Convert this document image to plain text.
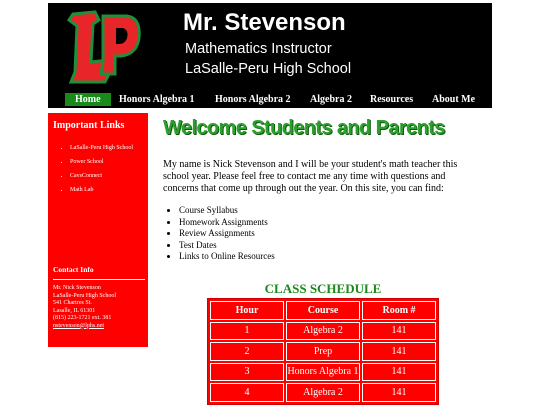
Mr. Stevenson
Mathematics Instructor
LaSalle-Peru High School
Home	Honors Algebra 1 Honors Algebra 2 Algebra 2 Resources About Me
Important Links
• LaSalle-Peru High School
• Power School
• CavsConnect
• Math Lab
Contact Info
Mr. Nick Stevenson
LaSalle-Peru High School
541 Chartres St.
Lasalle, IL 61301
(815) 223-1721 ext. 381
nstevenson@lphs.net
Welcome Students and Parents
My name is Nick Stevenson and I will be your student's math teacher this school year. Please feel free to contact me any time with questions and concerns that come up through out the year. On this site, you can find:
• Course Syllabus
• Homework Assignments
• Review Assignments
• Test Dates
• Links to Online Resources
CLASS SCHEDULE
Hour	Course	Room #
1	Algebra 2	141
2	Prep	141
3	Honors Algebra 1	141
4	Algebra 2	141
